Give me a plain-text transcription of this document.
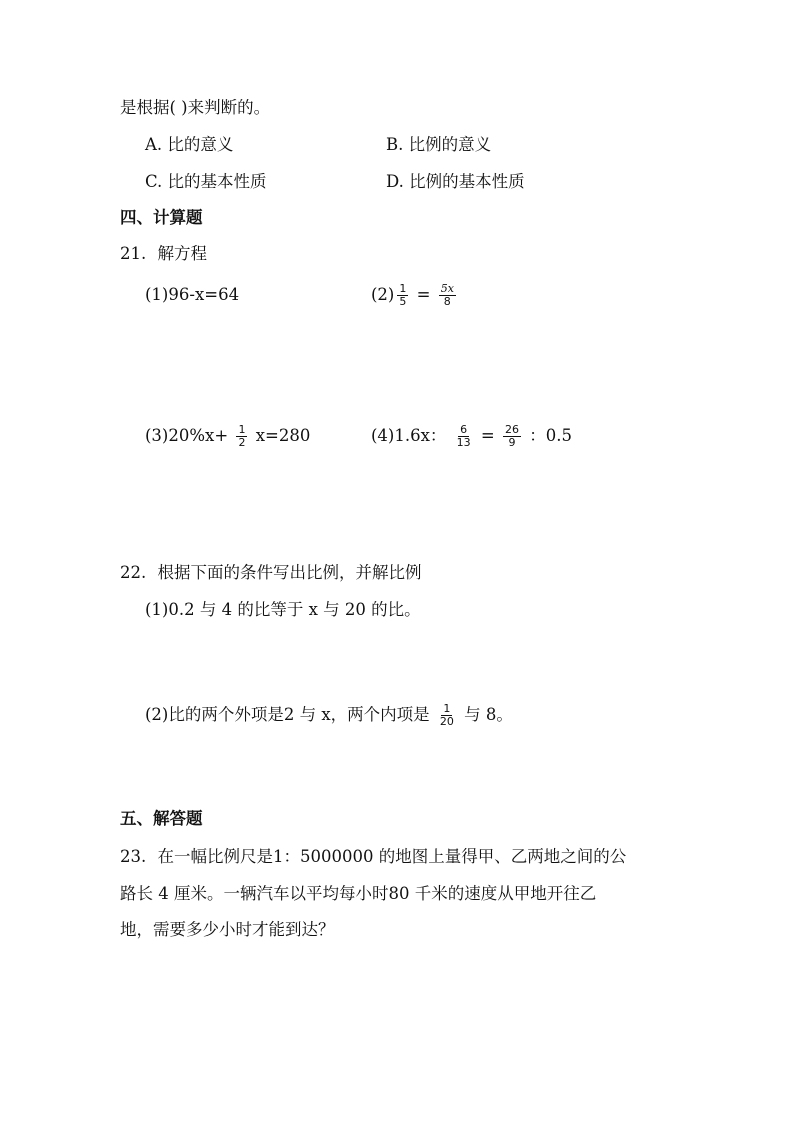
是根据( )来判断的。
A. 比的意义	B. 比例的意义
C. 比的基本性质	D. 比例的基本性质
四、计算题
21. 解方程
(1)96-x=64	$(2) \frac{1}{5} = \frac{5x}{8}$
$(3)20\%x+ \frac{1}{2} x=280$	(4)1.6x： $\frac{6}{13} = \frac{26}{9}$ ：0.5
22. 根据下面的条件写出比例，并解比例
(1)0.2 与 4 的比等于 x 与 20 的比。
(2)比的两个外项是2 与 x，两个内项是 $\frac{1}{20}$ 与 8。
五、解答题
23. 在一幅比例尺是1：5000000 的地图上量得甲、乙两地之间的公
路长 4 厘米。一辆汽车以平均每小时80 千米的速度从甲地开往乙
地，需要多少小时才能到达？
